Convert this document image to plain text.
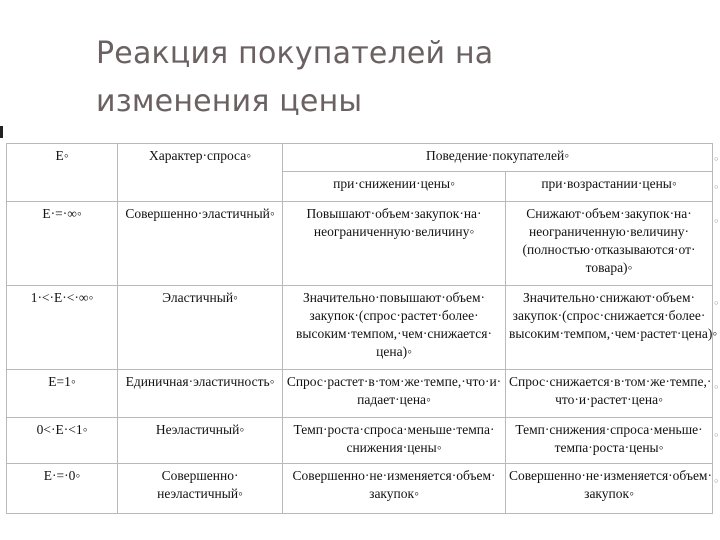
Реакция покупателей на
изменения цены
E◦	Характер·спроса◦	Поведение·покупателей◦	
		при·снижении·цены◦	при·возрастании·цены◦
E·=·∞◦	Совершенно·эластичный◦	Повышают·объем·закупок·на· неограниченную·величину◦	Снижают·объем·закупок·на· неограниченную·величину· (полностью·отказываются·от· товара)◦
1·<·E·<·∞◦	Эластичный◦	Значительно·повышают·объем· закупок·(спрос·растет·более· высоким·темпом,·чем·снижается· цена)◦	Значительно·снижают·объем· закупок·(спрос·снижается·более· высоким·темпом,·чем·растет·цена)◦
E=1◦	Единичная·эластичность◦	Спрос·растет·в·том·же·темпе,·что·и· падает·цена◦	Спрос·снижается·в·том·же·темпе,· что·и·растет·цена◦
0<·E·<1◦	Неэластичный◦	Темп·роста·спроса·меньше·темпа· снижения·цены◦	Темп·снижения·спроса·меньше· темпа·роста·цены◦
E·=·0◦	Совершенно· неэластичный◦	Совершенно·не·изменяется·объем· закупок◦	Совершенно·не·изменяется·объем· закупок◦
◦
◦
◦
◦
◦
◦
◦
